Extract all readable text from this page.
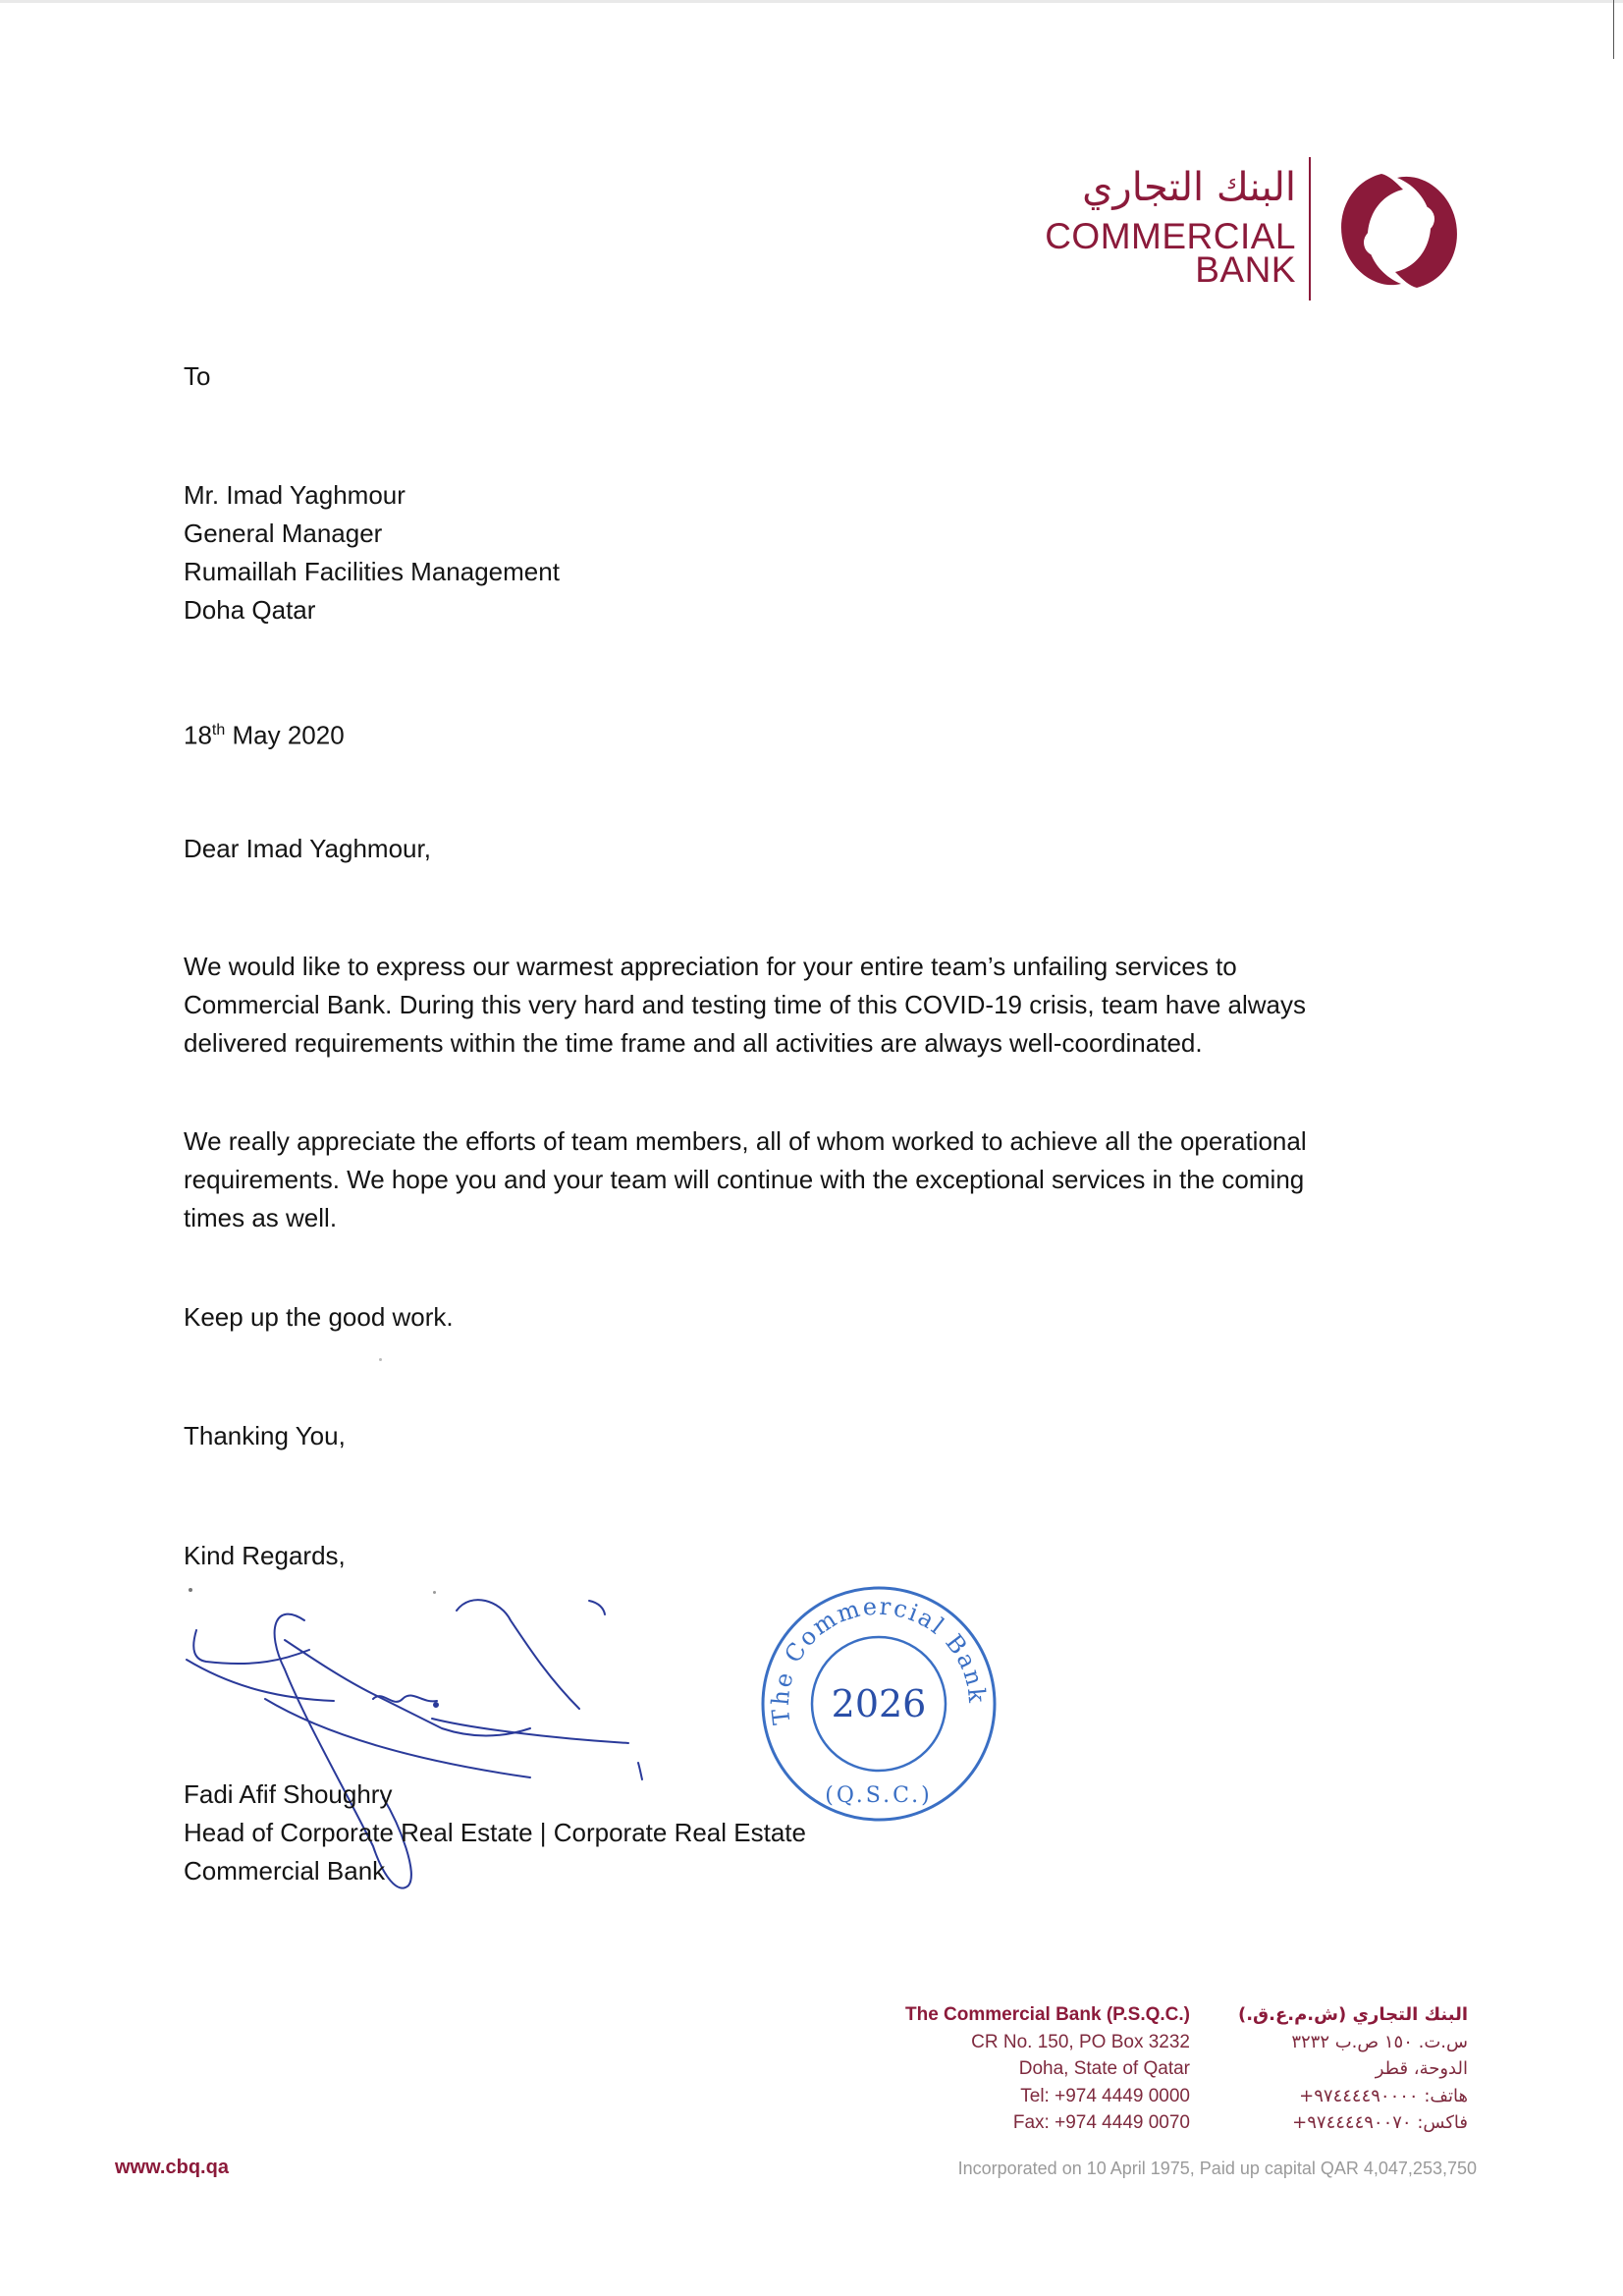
البنك التجاري
COMMERCIAL
BANK
To
Mr. Imad Yaghmour
General Manager
Rumaillah Facilities Management
Doha Qatar
18th May 2020
Dear Imad Yaghmour,
We would like to express our warmest appreciation for your entire team’s unfailing services to
Commercial Bank. During this very hard and testing time of this COVID-19 crisis, team have always
delivered requirements within the time frame and all activities are always well-coordinated.
We really appreciate the efforts of team members, all of whom worked to achieve all the operational
requirements. We hope you and your team will continue with the exceptional services in the coming
times as well.
Keep up the good work.
Thanking You,
Kind Regards,
The Commercial Bank
2026
(Q.S.C.)
Fadi Afif Shoughry
Head of Corporate Real Estate | Corporate Real Estate
Commercial Bank
The Commercial Bank (P.S.Q.C.)
CR No. 150, PO Box 3232
Doha, State of Qatar
Tel: +974 4449 0000
Fax: +974 4449 0070
البنك التجاري (ش.م.ع.ق.)
س.ت. ١٥٠ ص.ب ٣٢٣٢
الدوحة، قطر
هاتف: ٩٧٤٤٤٤٩٠٠٠٠+
فاكس: ٩٧٤٤٤٤٩٠٠٧٠+
www.cbq.qa	Incorporated on 10 April 1975, Paid up capital QAR 4,047,253,750
